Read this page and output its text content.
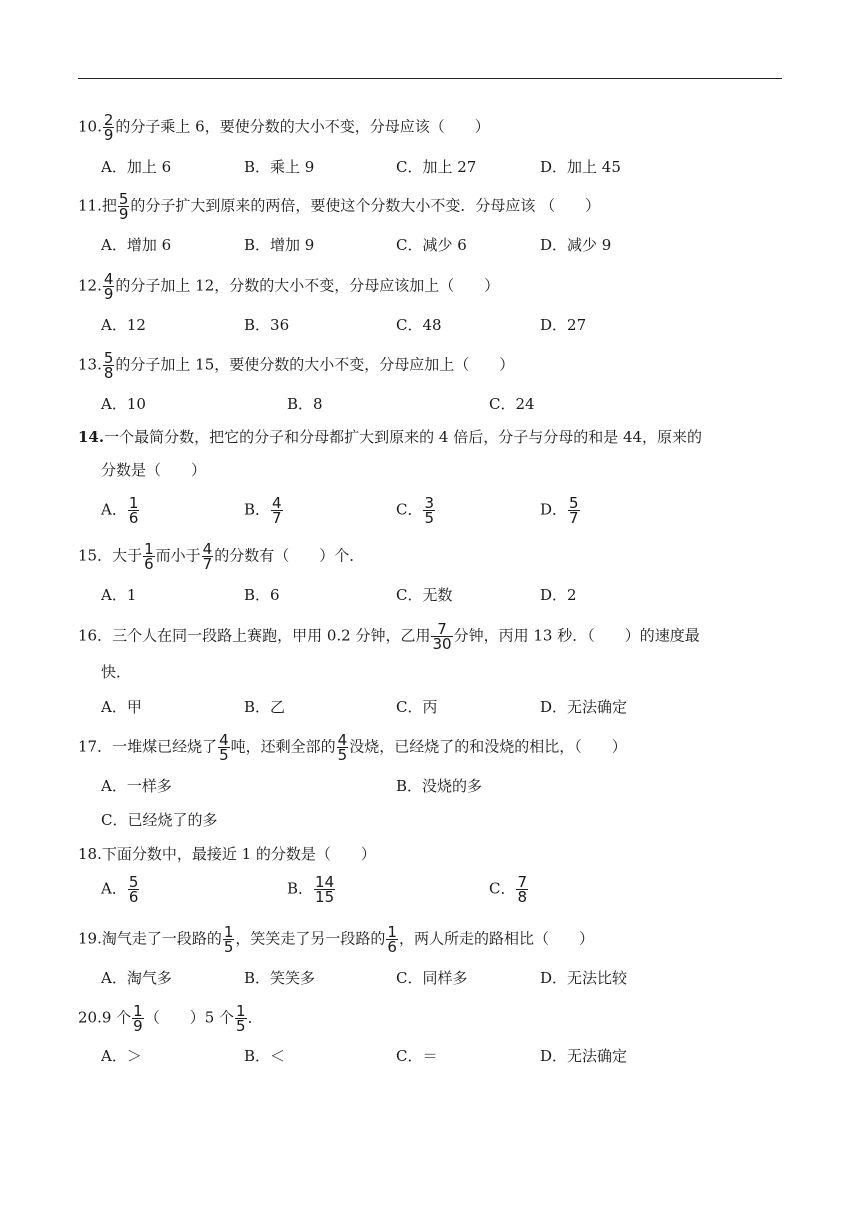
10. $\frac{2}{9}$ 的分子乘上 6，要使分数的大小不变，分母应该（　　）
A．加上 6	B．乘上 9	C．加上 27	D．加上 45
11.把 $\frac{5}{9}$ 的分子扩大到原来的两倍，要使这个分数大小不变．分母应该 （　　）
A．增加 6	B．增加 9	C．减少 6	D．减少 9
12. $\frac{4}{9}$ 的分子加上 12，分数的大小不变，分母应该加上（　　）
A．12	B．36	C．48	D．27
13. $\frac{5}{8}$ 的分子加上 15，要使分数的大小不变，分母应加上（　　）
A．10	B．8	C．24
14.一个最简分数，把它的分子和分母都扩大到原来的 4 倍后，分子与分母的和是 44，原来的
分数是（　　）
A． $\frac{1}{6}$	B． $\frac{4}{7}$	C． $\frac{3}{5}$	D． $\frac{5}{7}$
15．大于 $\frac{1}{6}$ 而小于 $\frac{4}{7}$ 的分数有（　　）个．
A．1	B．6	C．无数	D．2
16．三个人在同一段路上赛跑，甲用 0.2 分钟，乙用 $\frac{7}{30}$ 分钟，丙用 13 秒．（　　）的速度最
快．
A．甲	B．乙	C．丙	D．无法确定
17．一堆煤已经烧了 $\frac{4}{5}$ 吨，还剩全部的 $\frac{4}{5}$ 没烧，已经烧了的和没烧的相比，（　　）
A．一样多	B．没烧的多
C．已经烧了的多
18.下面分数中，最接近 1 的分数是（　　）
A． $\frac{5}{6}$	B． $\frac{14}{15}$	C． $\frac{7}{8}$
19.淘气走了一段路的 $\frac{1}{5}$ ，笑笑走了另一段路的 $\frac{1}{6}$ ，两人所走的路相比（　　）
A．淘气多	B．笑笑多	C．同样多	D．无法比较
20.9 个 $\frac{1}{9}$ （　　）5 个 $\frac{1}{5}$ ．
A．＞	B．＜	C．＝	D．无法确定
